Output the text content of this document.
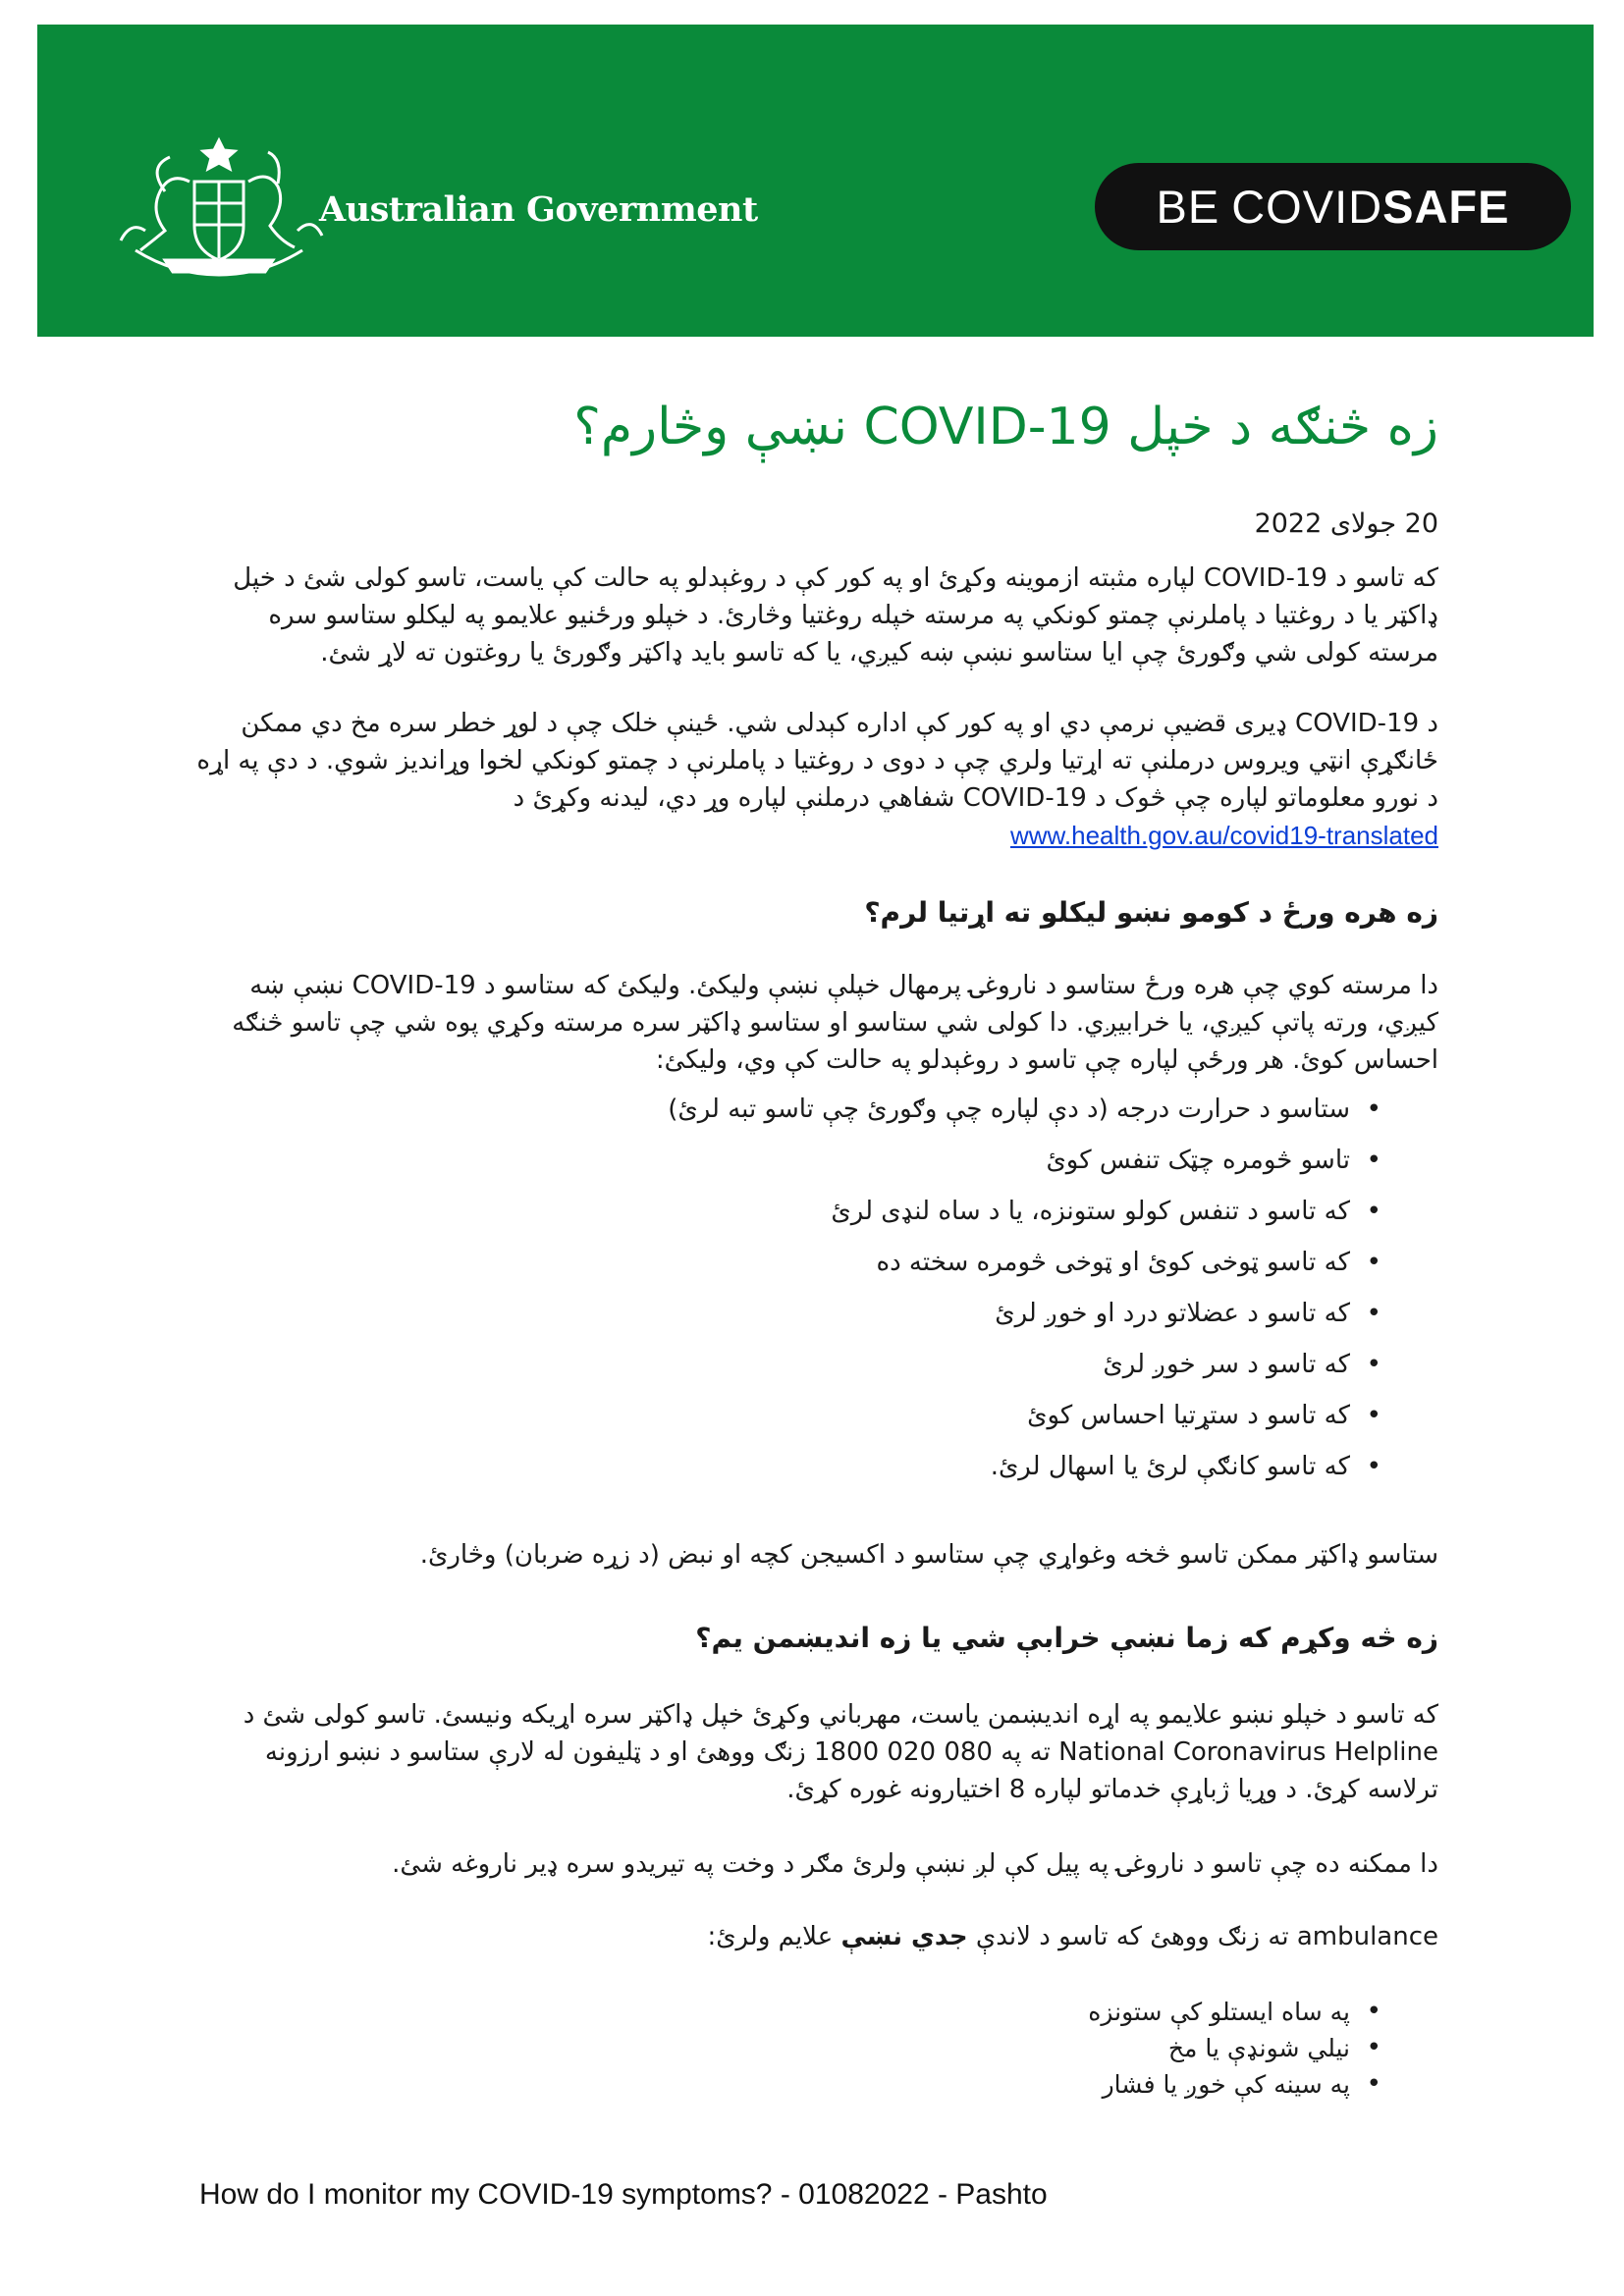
Australian Government	BE COVID SAFE
زه څنګه د خپل COVID-19 نښې وڅارم؟
20 جولای 2022

که تاسو د COVID-19 لپاره مثبته ازموینه وکړئ او په کور کې د روغېدلو په حالت کې یاست، تاسو کولی شئ د خپل ډاکټر یا د روغتیا د پاملرنې چمتو کونکي په مرسته خپله روغتیا وڅارئ. د خپلو ورځنیو علایمو په لیکلو ستاسو سره مرسته کولی شي وګورئ چې ایا ستاسو نښې ښه کیږي، یا که تاسو باید ډاکټر وګورئ یا روغتون ته لاړ شئ.

د COVID-19 ډیری قضیې نرمې دي او په کور کې اداره کېدلی شي. ځینې خلک چې د لوړ خطر سره مخ دي ممکن ځانګړې انټي ویروس درملنې ته اړتیا ولري چې د دوی د روغتیا د پاملرنې د چمتو کونکي لخوا وړاندیز شوي. د دې په اړه د نورو معلوماتو لپاره چې څوک د COVID-19 شفاهي درملنې لپاره وړ دي، لیدنه وکړئ د
www.health.gov.au/covid19-translated

زه هره ورځ د کومو نښو لیکلو ته اړتیا لرم؟

دا مرسته کوي چې هره ورځ ستاسو د ناروغۍ پرمهال خپلې نښې ولیکئ. ولیکئ که ستاسو د COVID-19 نښې ښه کیږي، ورته پاتې کیږي، یا خرابیږي. دا کولی شي ستاسو او ستاسو ډاکټر سره مرسته وکړي پوه شي چې تاسو څنګه احساس کوئ. هر ورځې لپاره چې تاسو د روغېدلو په حالت کې وي، ولیکئ:

• ستاسو د حرارت درجه (د دې لپاره چې وګورئ چې تاسو تبه لرئ)
• تاسو څومره چټک تنفس کوئ
• که تاسو د تنفس کولو ستونزه، یا د ساه لنډی لرئ
• که تاسو ټوخی کوئ او ټوخی څومره سخته ده
• که تاسو د عضلاتو درد او خوږ لرئ
• که تاسو د سر خوږ لرئ
• که تاسو د ستړتیا احساس کوئ
• که تاسو کانګې لرئ یا اسهال لرئ.

ستاسو ډاکټر ممکن تاسو څخه وغواړي چې ستاسو د اکسیجن کچه او نبض (د زړه ضربان) وڅارئ.

زه څه وکړم که زما نښې خرابې شي یا زه اندیښمن یم؟

که تاسو د خپلو نښو علایمو په اړه اندیښمن یاست، مهرباني وکړئ خپل ډاکټر سره اړیکه ونیسئ. تاسو کولی شئ د National Coronavirus Helpline ته په 080 020 1800 زنګ ووهئ او د ټلیفون له لارې ستاسو د نښو ارزونه ترلاسه کړئ. د وړیا ژباړې خدماتو لپاره 8 اختیارونه غوره کړئ.

دا ممکنه ده چې تاسو د ناروغۍ په پیل کې لږ نښې ولرئ مګر د وخت په تیریدو سره ډیر ناروغه شئ.

ambulance ته زنګ ووهئ که تاسو د لاندې جدي نښې علایم ولرئ:

• په ساه ایستلو کې ستونزه
• نیلي شونډې یا مخ
• په سینه کې خوږ یا فشار
How do I monitor my COVID-19 symptoms? - 01082022 - Pashto
